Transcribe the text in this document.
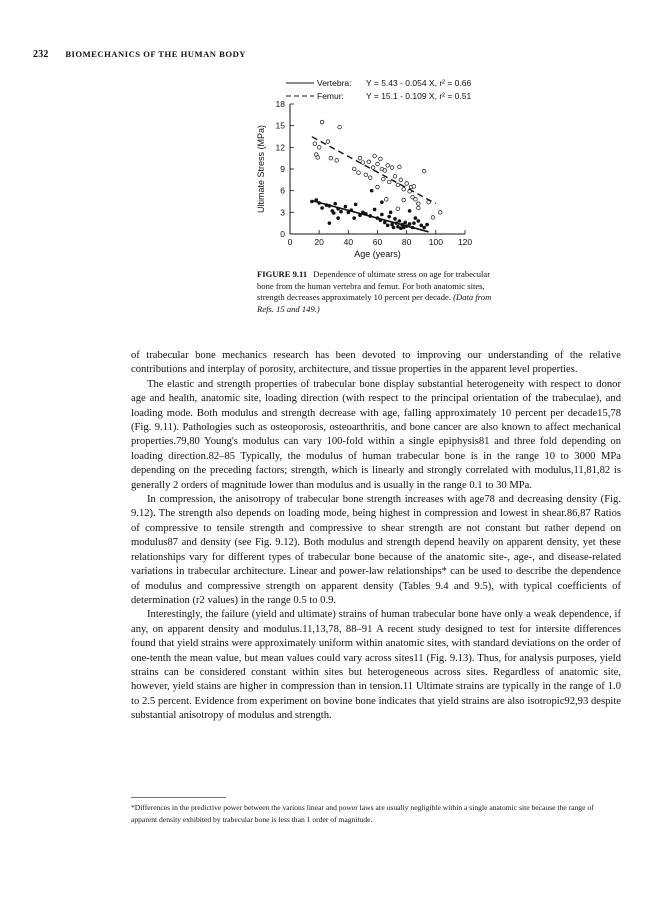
232 BIOMECHANICS OF THE HUMAN BODY
0	20 40 60 80 100 120
0
3
6
9
12
15
18
Age (years)
Ultimate Stress (MPa)
Vertebra: Y = 5.43 - 0.054 X, r² = 0.66
Femur:	Y = 15.1 - 0.109 X, r² = 0.51
FIGURE 9.11 Dependence of ultimate stress on age for trabecular bone from the human vertebra and femur. For both anatomic sites, strength decreases approximately 10 percent per decade. (Data from Refs. 15 and 149.)

of trabecular bone mechanics research has been devoted to improving our understanding of the relative contributions and interplay of porosity, architecture, and tissue properties in the apparent level properties.

The elastic and strength properties of trabecular bone display substantial heterogeneity with respect to donor age and health, anatomic site, loading direction (with respect to the principal orientation of the trabeculae), and loading mode. Both modulus and strength decrease with age, falling approximately 10 percent per decade15,78 (Fig. 9.11). Pathologies such as osteoporosis, osteoarthritis, and bone cancer are also known to affect mechanical properties.79,80 Young's modulus can vary 100-fold within a single epiphysis81 and three fold depending on loading direction.82–85 Typically, the modulus of human trabecular bone is in the range 10 to 3000 MPa depending on the preceding factors; strength, which is linearly and strongly correlated with modulus,11,81,82 is generally 2 orders of magnitude lower than modulus and is usually in the range 0.1 to 30 MPa.

In compression, the anisotropy of trabecular bone strength increases with age78 and decreasing density (Fig. 9.12). The strength also depends on loading mode, being highest in compression and lowest in shear.86,87 Ratios of compressive to tensile strength and compressive to shear strength are not constant but rather depend on modulus87 and density (see Fig. 9.12). Both modulus and strength depend heavily on apparent density, yet these relationships vary for different types of trabecular bone because of the anatomic site-, age-, and disease-related variations in trabecular architecture. Linear and power-law relationships* can be used to describe the dependence of modulus and compressive strength on apparent density (Tables 9.4 and 9.5), with typical coefficients of determination (r2 values) in the range 0.5 to 0.9.

Interestingly, the failure (yield and ultimate) strains of human trabecular bone have only a weak dependence, if any, on apparent density and modulus.11,13,78, 88–91 A recent study designed to test for intersite differences found that yield strains were approximately uniform within anatomic sites, with standard deviations on the order of one-tenth the mean value, but mean values could vary across sites11 (Fig. 9.13). Thus, for analysis purposes, yield strains can be considered constant within sites but heterogeneous across sites. Regardless of anatomic site, however, yield stains are higher in compression than in tension.11 Ultimate strains are typically in the range of 1.0 to 2.5 percent. Evidence from experiment on bovine bone indicates that yield strains are also isotropic92,93 despite substantial anisotropy of modulus and strength.

*Differences in the predictive power between the various linear and power laws are usually negligible within a single anatomic site because the range of apparent density exhibited by trabecular bone is less than 1 order of magnitude.
